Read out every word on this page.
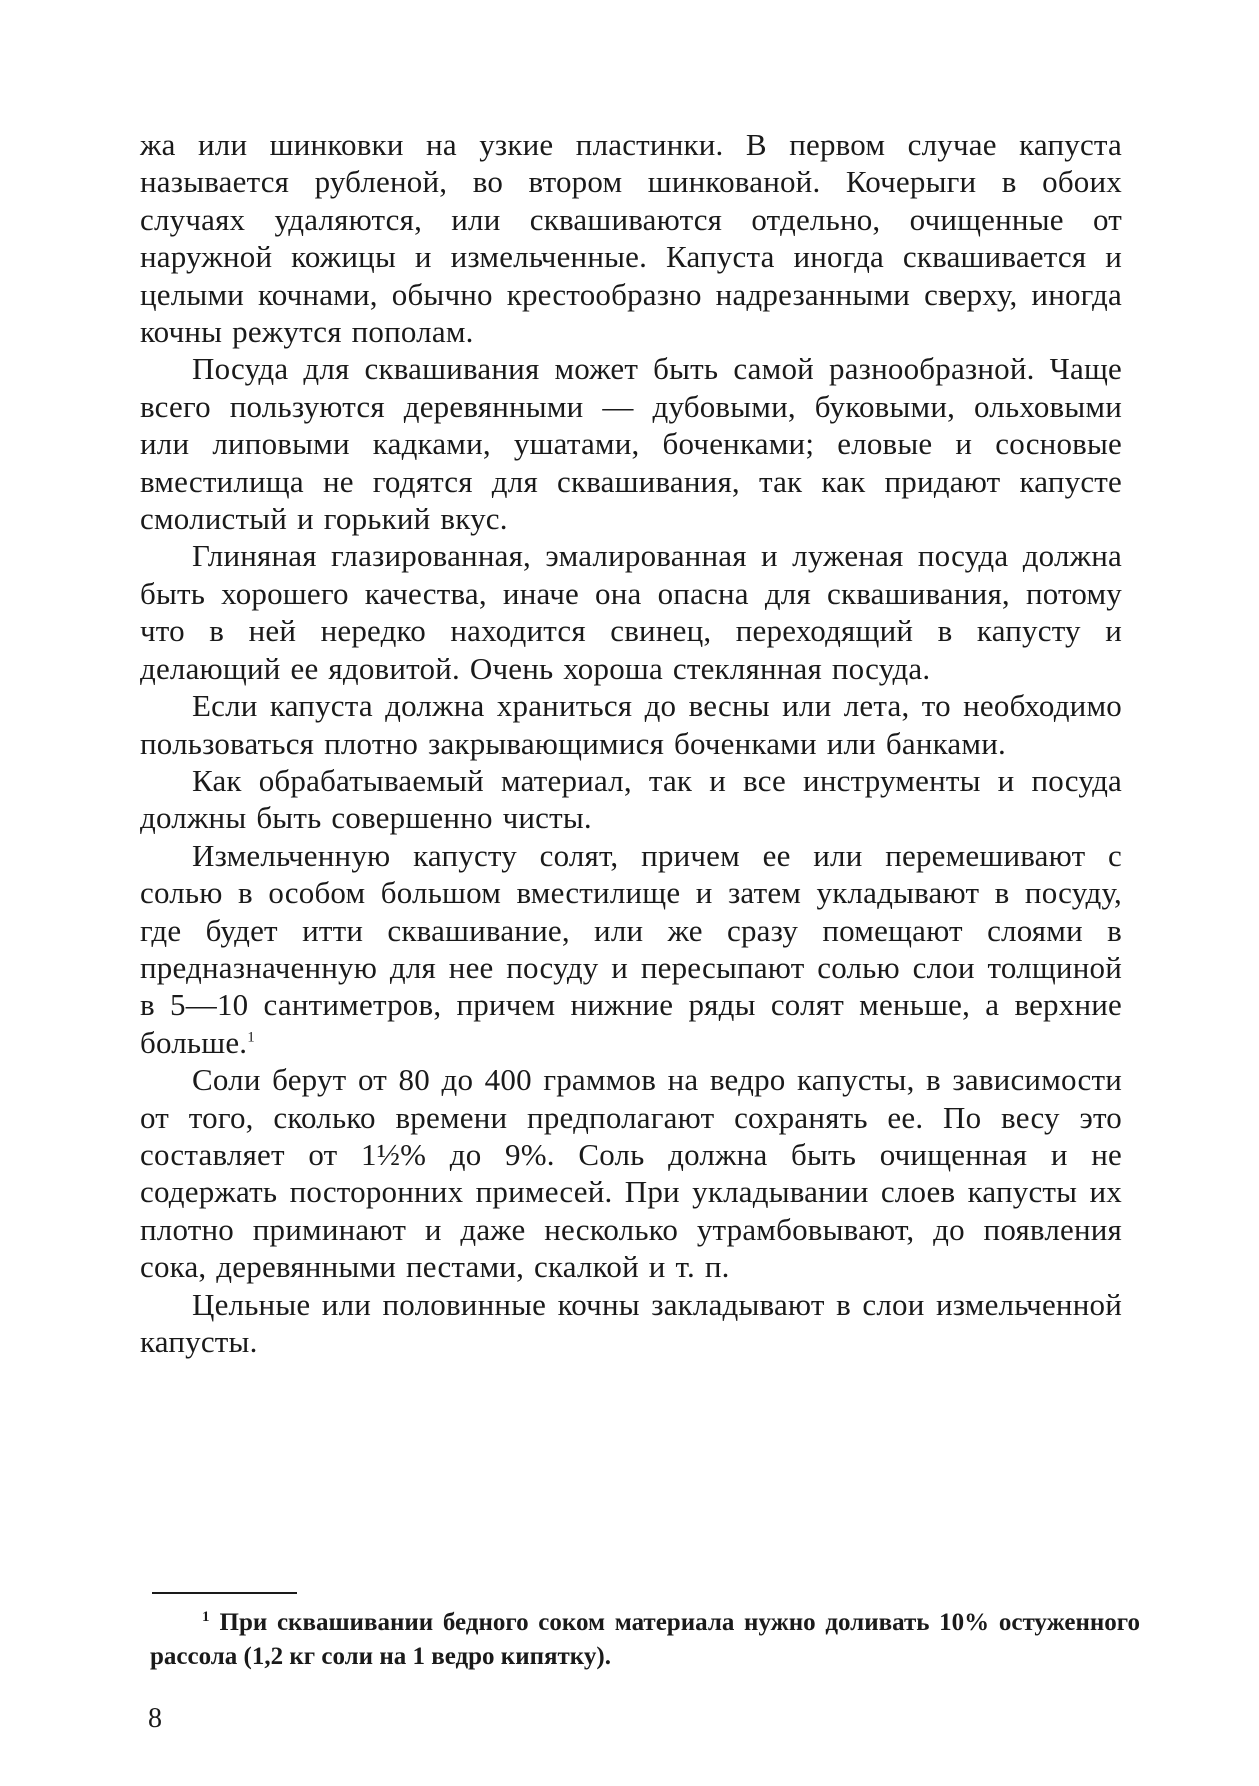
жа или шинковки на узкие пластинки. В первом случае капуста называется рубленой, во втором шинкованой. Кочерыги в обоих случаях удаляются, или сквашиваются отдельно, очищенные от наружной кожицы и измельченные. Капуста иногда сквашивается и целыми кочнами, обычно крестообразно надрезанными сверху, иногда кочны режутся пополам.

Посуда для сквашивания может быть самой разнообразной. Чаще всего пользуются деревянными — дубовыми, буковыми, ольховыми или липовыми кадками, ушатами, боченками; еловые и сосновые вместилища не годятся для сквашивания, так как придают капусте смолистый и горький вкус.

Глиняная глазированная, эмалированная и луженая посуда должна быть хорошего качества, иначе она опасна для сквашивания, потому что в ней нередко находится свинец, переходящий в капусту и делающий ее ядовитой. Очень хороша стеклянная посуда.

Если капуста должна храниться до весны или лета, то необходимо пользоваться плотно закрывающимися боченками или банками.

Как обрабатываемый материал, так и все инструменты и посуда должны быть совершенно чисты.

Измельченную капусту солят, причем ее или перемешивают с солью в особом большом вместилище и затем укладывают в посуду, где будет итти сквашивание, или же сразу помещают слоями в предназначенную для нее посуду и пересыпают солью слои толщиной в 5—10 сантиметров, причем нижние ряды солят меньше, а верхние больше.$^1$

Соли берут от 80 до 400 граммов на ведро капусты, в зависимости от того, сколько времени предполагают сохранять ее. По весу это составляет от 1½% до 9%. Соль должна быть очищенная и не содержать посторонних примесей. При укладывании слоев капусты их плотно приминают и даже несколько утрамбовывают, до появления сока, деревянными пестами, скалкой и т. п.

Цельные или половинные кочны закладывают в слои измельченной капусты.

$^1$ При сквашивании бедного соком материала нужно доливать 10% остуженного рассола (1,2 кг соли на 1 ведро кипятку).

8
